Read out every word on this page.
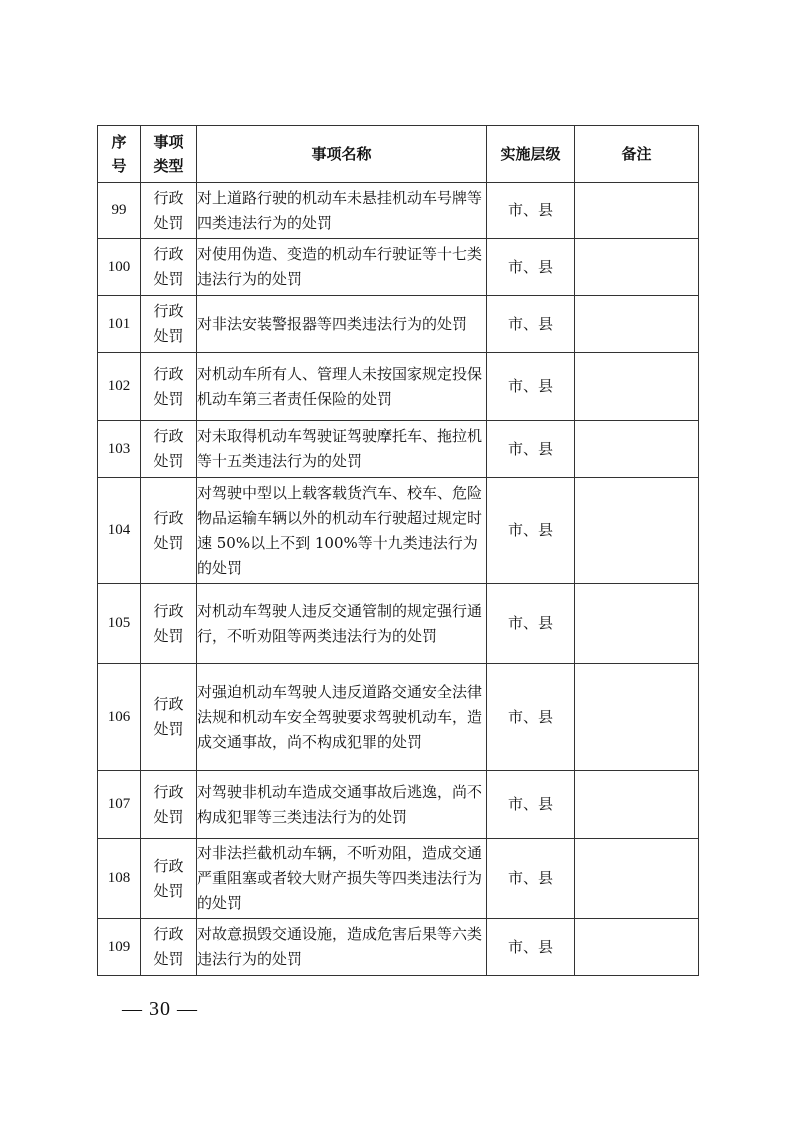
序号	事项类型	事项名称	实施层级	备注
99	行政处罚	对上道路行驶的机动车未悬挂机动车号牌等四类违法行为的处罚	市、县	
100	行政处罚	对使用伪造、变造的机动车行驶证等十七类违法行为的处罚	市、县	
101	行政处罚	对非法安装警报器等四类违法行为的处罚	市、县	
102	行政处罚	对机动车所有人、管理人未按国家规定投保机动车第三者责任保险的处罚	市、县	
103	行政处罚	对未取得机动车驾驶证驾驶摩托车、拖拉机等十五类违法行为的处罚	市、县	
104	行政处罚	对驾驶中型以上载客载货汽车、校车、危险物品运输车辆以外的机动车行驶超过规定时速 50%以上不到 100%等十九类违法行为的处罚	市、县	
105	行政处罚	对机动车驾驶人违反交通管制的规定强行通行，不听劝阻等两类违法行为的处罚	市、县	
106	行政处罚	对强迫机动车驾驶人违反道路交通安全法律法规和机动车安全驾驶要求驾驶机动车，造成交通事故，尚不构成犯罪的处罚	市、县	
107	行政处罚	对驾驶非机动车造成交通事故后逃逸，尚不构成犯罪等三类违法行为的处罚	市、县	
108	行政处罚	对非法拦截机动车辆，不听劝阻，造成交通严重阻塞或者较大财产损失等四类违法行为的处罚	市、县	
109	行政处罚	对故意损毁交通设施，造成危害后果等六类违法行为的处罚	市、县	
— 30 —
